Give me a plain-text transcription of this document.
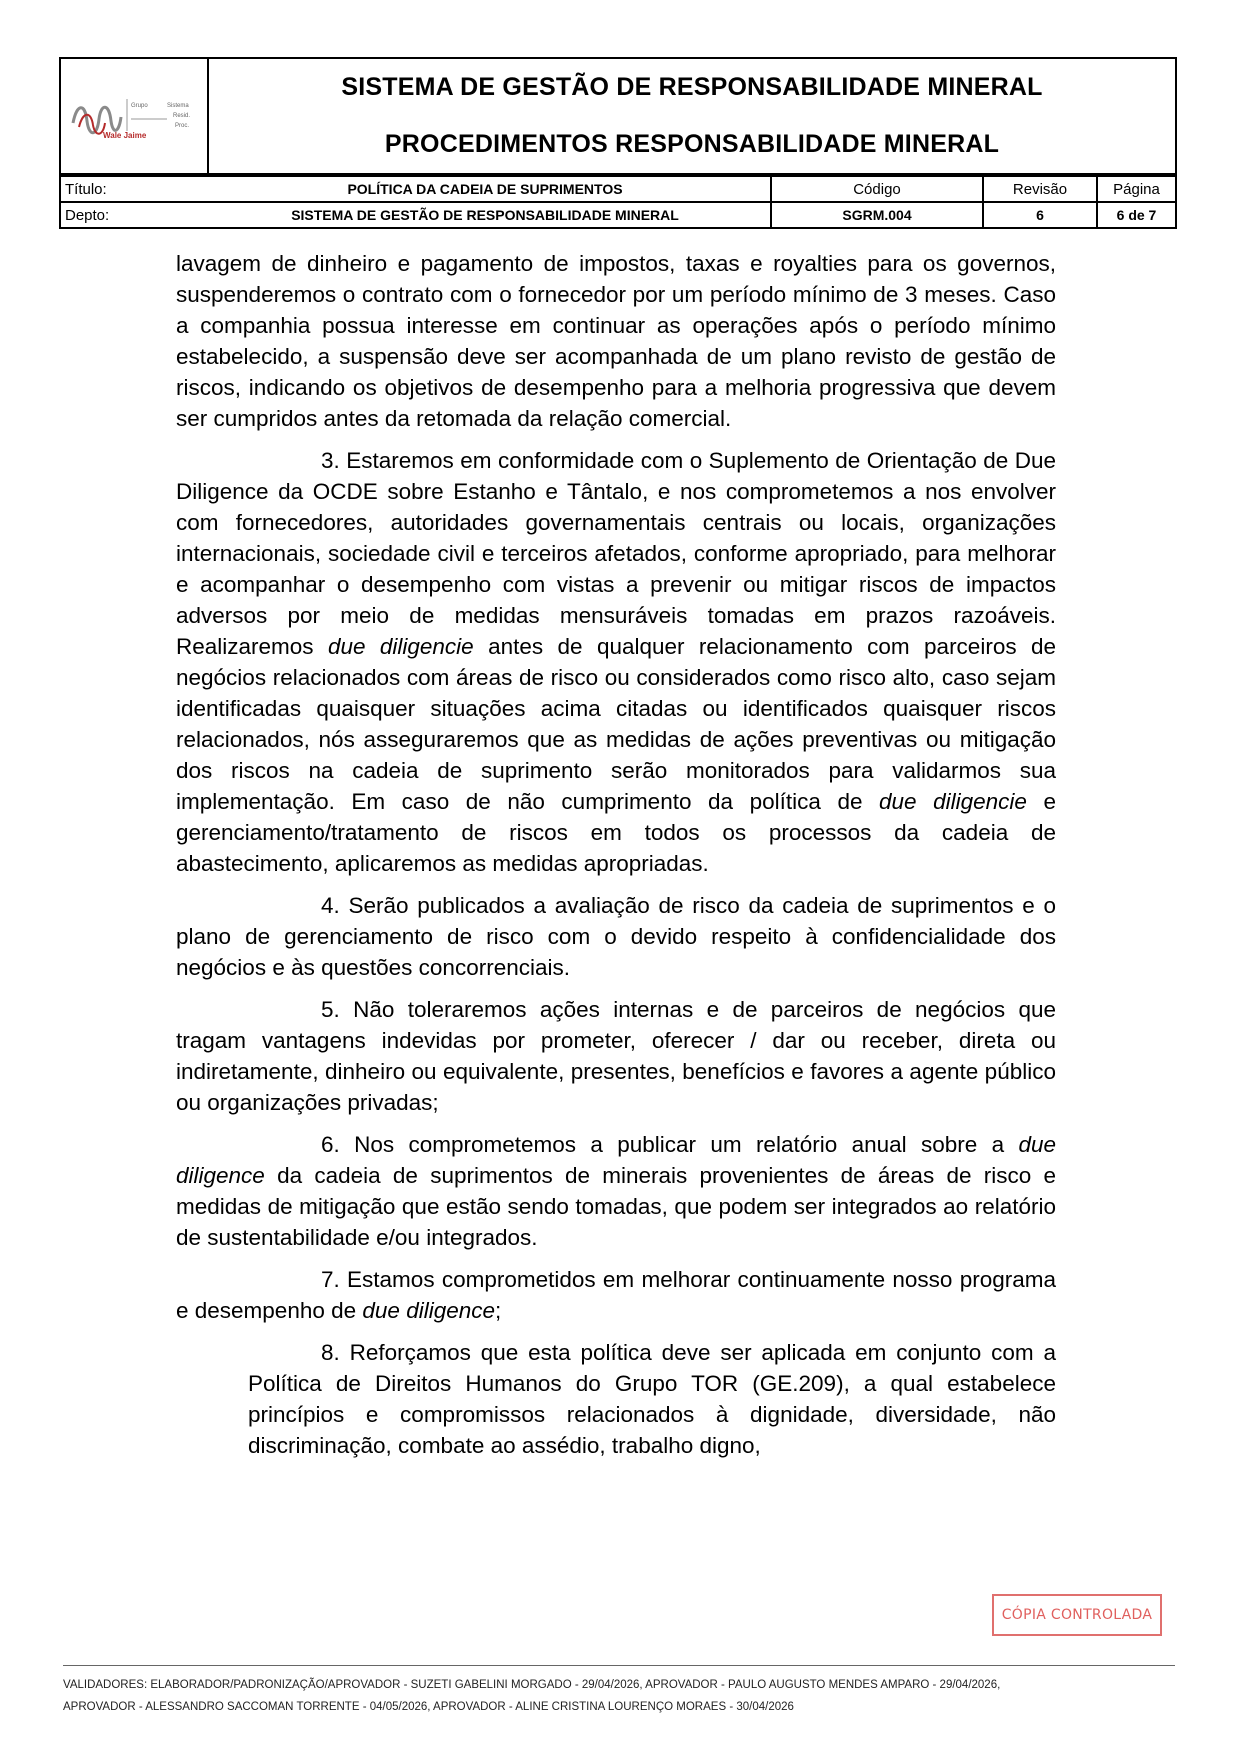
Wale Jaime
Grupo	Sistema
Resid.
Proc.
SISTEMA DE GESTÃO DE RESPONSABILIDADE MINERAL
PROCEDIMENTOS RESPONSABILIDADE MINERAL
Título:	POLÍTICA DA CADEIA DE SUPRIMENTOS	Código	Revisão	Página
Depto:	SISTEMA DE GESTÃO DE RESPONSABILIDADE MINERAL	SGRM.004	6	6 de 7

lavagem de dinheiro e pagamento de impostos, taxas e royalties para os governos, suspenderemos o contrato com o fornecedor por um período mínimo de 3 meses. Caso a companhia possua interesse em continuar as operações após o período mínimo estabelecido, a suspensão deve ser acompanhada de um plano revisto de gestão de riscos, indicando os objetivos de desempenho para a melhoria progressiva que devem ser cumpridos antes da retomada da relação comercial.

3. Estaremos em conformidade com o Suplemento de Orientação de Due Diligence da OCDE sobre Estanho e Tântalo, e nos comprometemos a nos envolver com fornecedores, autoridades governamentais centrais ou locais, organizações internacionais, sociedade civil e terceiros afetados, conforme apropriado, para melhorar e acompanhar o desempenho com vistas a prevenir ou mitigar riscos de impactos adversos por meio de medidas mensuráveis tomadas em prazos razoáveis. Realizaremos due diligencie antes de qualquer relacionamento com parceiros de negócios relacionados com áreas de risco ou considerados como risco alto, caso sejam identificadas quaisquer situações acima citadas ou identificados quaisquer riscos relacionados, nós asseguraremos que as medidas de ações preventivas ou mitigação dos riscos na cadeia de suprimento serão monitorados para validarmos sua implementação. Em caso de não cumprimento da política de due diligencie e gerenciamento/tratamento de riscos em todos os processos da cadeia de abastecimento, aplicaremos as medidas apropriadas.

4. Serão publicados a avaliação de risco da cadeia de suprimentos e o plano de gerenciamento de risco com o devido respeito à confidencialidade dos negócios e às questões concorrenciais.

5. Não toleraremos ações internas e de parceiros de negócios que tragam vantagens indevidas por prometer, oferecer / dar ou receber, direta ou indiretamente, dinheiro ou equivalente, presentes, benefícios e favores a agente público ou organizações privadas;

6. Nos comprometemos a publicar um relatório anual sobre a due diligence da cadeia de suprimentos de minerais provenientes de áreas de risco e medidas de mitigação que estão sendo tomadas, que podem ser integrados ao relatório de sustentabilidade e/ou integrados.

7. Estamos comprometidos em melhorar continuamente nosso programa e desempenho de due diligence;

8. Reforçamos que esta política deve ser aplicada em conjunto com a Política de Direitos Humanos do Grupo TOR (GE.209), a qual estabelece princípios e compromissos relacionados à dignidade, diversidade, não discriminação, combate ao assédio, trabalho digno,

CÓPIA CONTROLADA
VALIDADORES: ELABORADOR/PADRONIZAÇÃO/APROVADOR - SUZETI GABELINI MORGADO - 29/04/2026, APROVADOR - PAULO AUGUSTO MENDES AMPARO - 29/04/2026,
APROVADOR - ALESSANDRO SACCOMAN TORRENTE - 04/05/2026, APROVADOR - ALINE CRISTINA LOURENÇO MORAES - 30/04/2026
